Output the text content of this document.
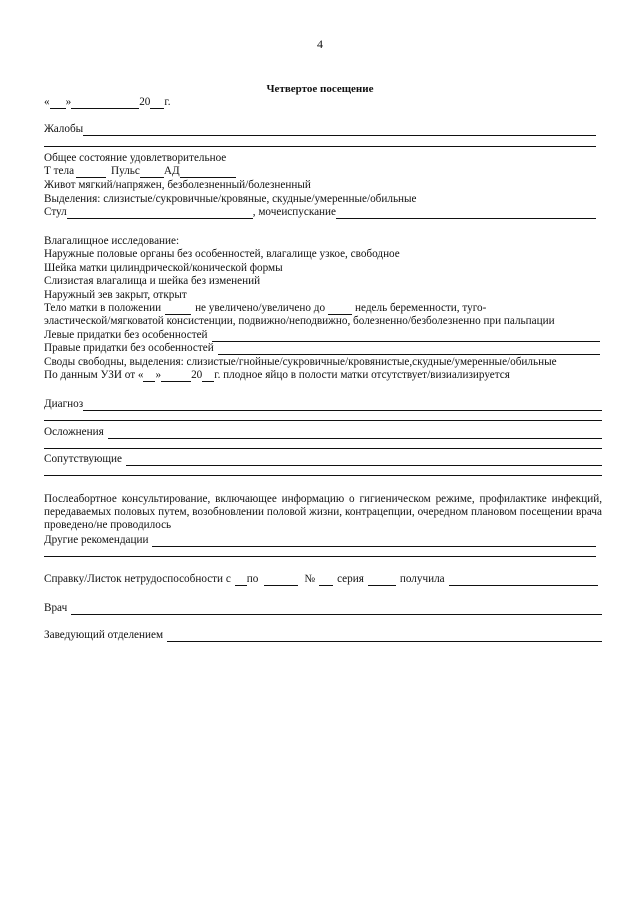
4
Четвертое посещение
« »	20 г.
Жалобы
Общее состояние удовлетворительное
Т тела	Пульс АД
Живот мягкий/напряжен, безболезненный/болезненный
Выделения: слизистые/сукровичные/кровяные, скудные/умеренные/обильные
Стул	, мочеиспускание
Влагалищное исследование:
Наружные половые органы без особенностей, влагалище узкое, свободное
Шейка матки цилиндрической/конической формы
Слизистая влагалища и шейка без изменений
Наружный зев закрыт, открыт
Тело матки в положении	не увеличено/увеличено до	недель беременности, туго-
эластической/мягковатой консистенции, подвижно/неподвижно, болезненно/безболезненно при пальпации
Левые придатки без особенностей
Правые придатки без особенностей
Своды свободны, выделения: слизистые/гнойные/сукровичные/кровянистые,скудные/умеренные/обильные
По данным УЗИ от « »	20 г. плодное яйцо в полости матки отсутствует/визиализируется
Диагноз
Осложнения
Сопутствующие
Послеабортное консультирование, включающее информацию о гигиеническом режиме, профилактике инфекций, передаваемых половых путем, возобновлении половой жизни, контрацепции, очередном плановом посещении врача проведено/не проводилось
Другие рекомендации
Справку/Листок нетрудоспособности с по	№ серия	получила
Врач
Заведующий отделением
